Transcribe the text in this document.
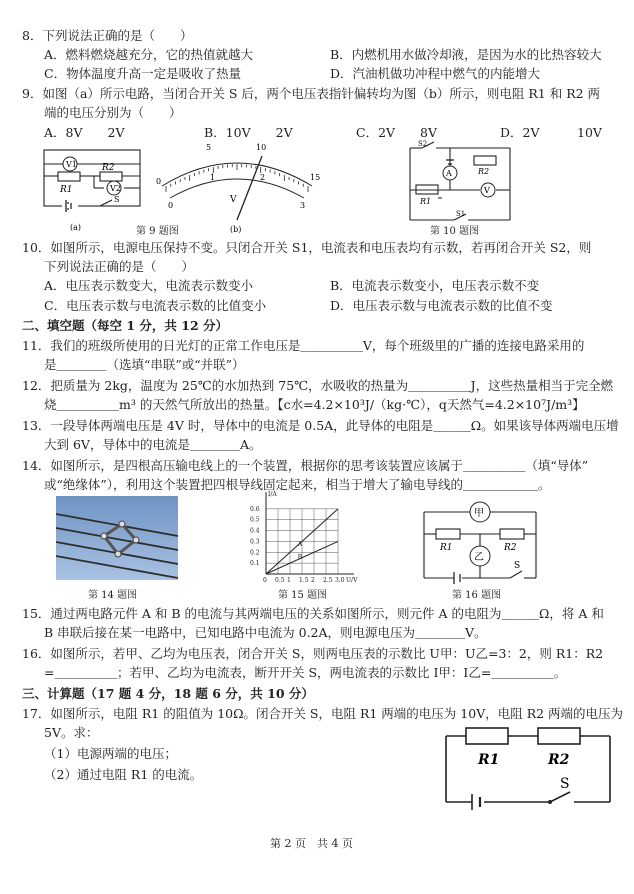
8．下列说法正确的是（　　）
A．燃料燃烧越充分，它的热值就越大	B．内燃机用水做冷却液，是因为水的比热容较大
C．物体温度升高一定是吸收了热量	D．汽油机做功冲程中燃气的内能增大
9．如图（a）所示电路，当闭合开关 S 后，两个电压表指针偏转均为图（b）所示，则电阻 R1 和 R2 两
端的电压分别为（　　）
A．8V　　2V	B．10V　　2V	C．2V　　8V	D．2V　　　10V
V1
V2
R1
R2
S
(a)
0
5	10
15
0
1	2
3
V
(b)
第 9 题图
A
V
S2
S1
R2
R1
第 10 题图
10．如图所示，电源电压保持不变。只闭合开关 S1，电流表和电压表均有示数，若再闭合开关 S2，则
下列说法正确的是（　　）
A．电压表示数变大，电流表示数变小	B．电流表示数变小，电压表示数不变
C．电压表示数与电流表示数的比值变小	D．电压表示数与电流表示数的比值不变
二、填空题（每空 1 分，共 12 分）
11．我们的班级所使用的日光灯的正常工作电压是＿＿＿＿＿V，每个班级里的广播的连接电路采用的
是＿＿＿＿（选填“串联”或“并联”）
12．把质量为 2kg，温度为 25℃的水加热到 75℃，水吸收的热量为＿＿＿＿＿J，这些热量相当于完全燃
烧＿＿＿＿＿m³ 的天然气所放出的热量。【c水=4.2×10³J/（kg·℃），q天然气=4.2×10⁷J/m³】
13．一段导体两端电压是 4V 时，导体中的电流是 0.5A，此导体的电阻是＿＿＿Ω。如果该导体两端电压增
大到 6V，导体中的电流是＿＿＿＿A。
14．如图所示，是四根高压输电线上的一个装置，根据你的思考该装置应该属于＿＿＿＿＿（填“导体”
或“绝缘体”），利用这个装置把四根导线固定起来，相当于增大了输电导线的＿＿＿＿＿＿。
第 14 题图
0 0.5 1 1.5 2 2.5 3.0
0.1
0.2
0.3
0.4
0.5
0.6
U/V
I/A
A
B
第 15 题图
甲
乙
R1	R2
S
第 16 题图
15．通过两电路元件 A 和 B 的电流与其两端电压的关系如图所示，则元件 A 的电阻为＿＿＿Ω，将 A 和
B 串联后接在某一电路中，已知电路中电流为 0.2A，则电源电压为＿＿＿＿V。
16．如图所示，若甲、乙均为电压表，闭合开关 S，则两电压表的示数比 U甲：U乙=3：2，则 R1：R2
=＿＿＿＿＿；若甲、乙均为电流表，断开开关 S，两电流表的示数比 I甲：I乙=＿＿＿＿＿。
三、计算题（17 题 4 分，18 题 6 分，共 10 分）
17．如图所示，电阻 R1 的阻值为 10Ω。闭合开关 S，电阻 R1 两端的电压为 10V，电阻 R2 两端的电压为
5V。求：
（1）电源两端的电压；
（2）通过电阻 R1 的电流。
R1	R2
S
第 2 页　共 4 页
